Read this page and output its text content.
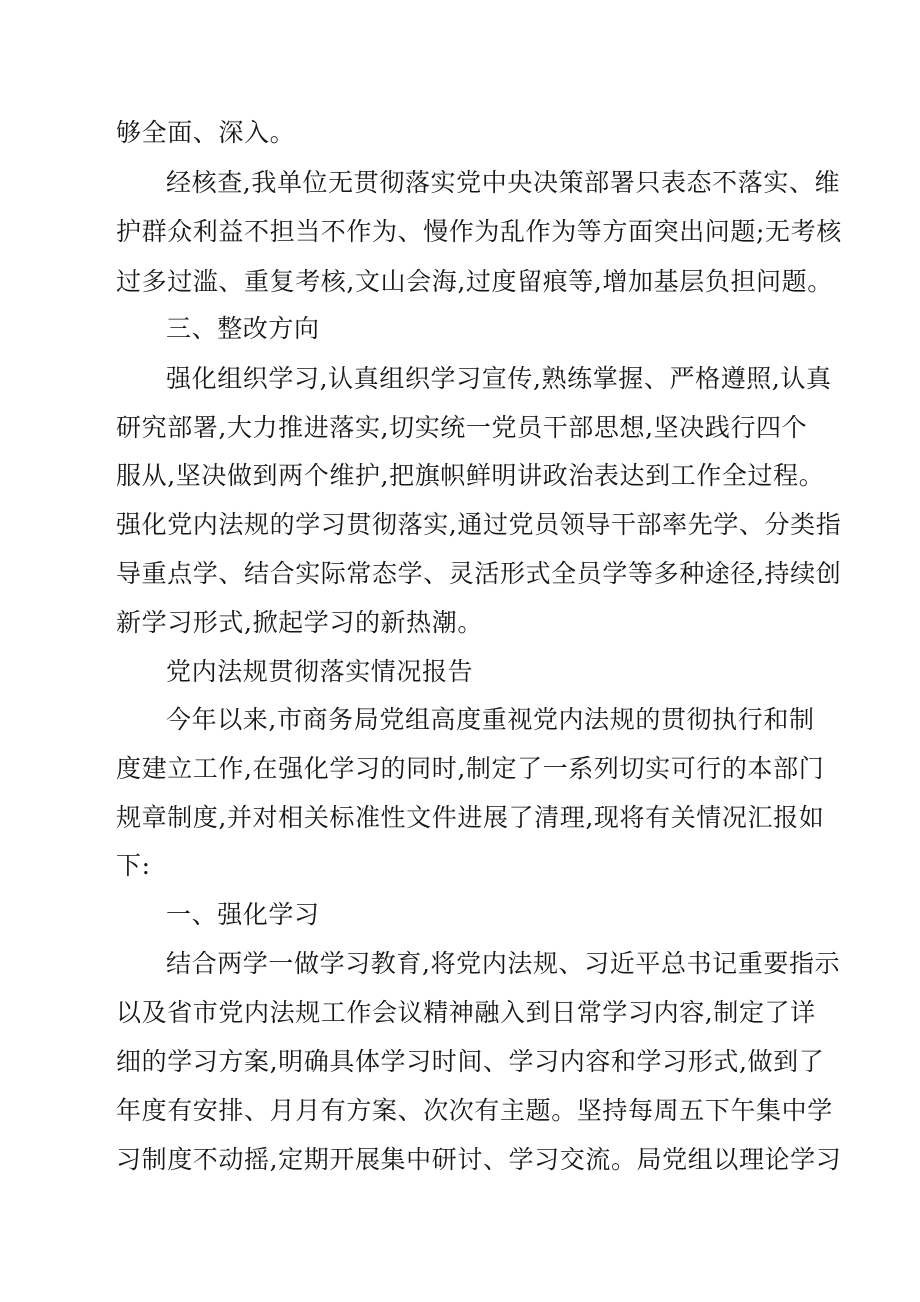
够全面、深入。
经核查,我单位无贯彻落实党中央决策部署只表态不落实、维
护群众利益不担当不作为、慢作为乱作为等方面突出问题;无考核
过多过滥、重复考核,文山会海,过度留痕等,增加基层负担问题。
三、整改方向
强化组织学习,认真组织学习宣传,熟练掌握、严格遵照,认真
研究部署,大力推进落实,切实统一党员干部思想,坚决践行四个
服从,坚决做到两个维护,把旗帜鲜明讲政治表达到工作全过程。
强化党内法规的学习贯彻落实,通过党员领导干部率先学、分类指
导重点学、结合实际常态学、灵活形式全员学等多种途径,持续创
新学习形式,掀起学习的新热潮。
党内法规贯彻落实情况报告
今年以来,市商务局党组高度重视党内法规的贯彻执行和制
度建立工作,在强化学习的同时,制定了一系列切实可行的本部门
规章制度,并对相关标准性文件进展了清理,现将有关情况汇报如
下:
一、强化学习
结合两学一做学习教育,将党内法规、习近平总书记重要指示
以及省市党内法规工作会议精神融入到日常学习内容,制定了详
细的学习方案,明确具体学习时间、学习内容和学习形式,做到了
年度有安排、月月有方案、次次有主题。坚持每周五下午集中学
习制度不动摇,定期开展集中研讨、学习交流。局党组以理论学习
